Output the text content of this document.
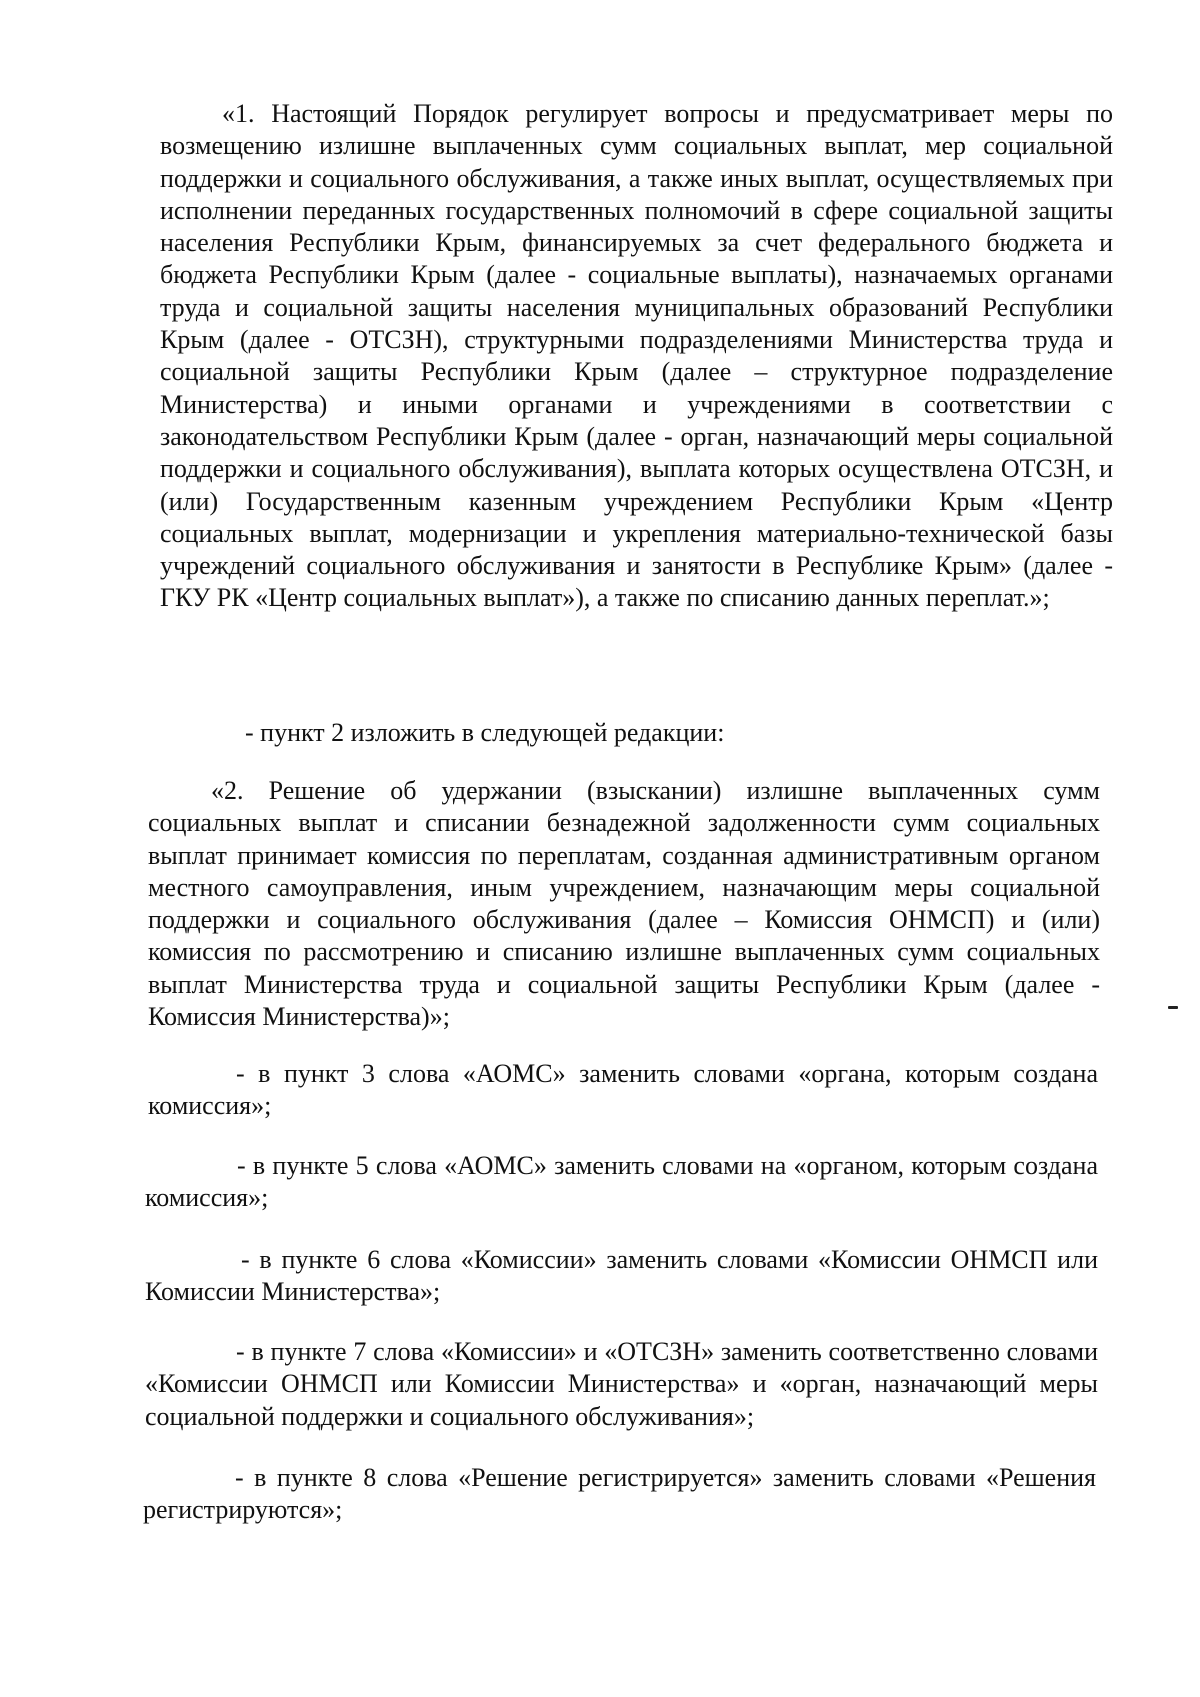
«1. Настоящий Порядок регулирует вопросы и предусматривает меры по возмещению излишне выплаченных сумм социальных выплат, мер социальной поддержки и социального обслуживания, а также иных выплат, осуществляемых при исполнении переданных государственных полномочий в сфере социальной защиты населения Республики Крым, финансируемых за счет федерального бюджета и бюджета Республики Крым (далее - социальные выплаты), назначаемых органами труда и социальной защиты населения муниципальных образований Республики Крым (далее - ОТСЗН), структурными подразделениями Министерства труда и социальной защиты Республики Крым (далее – структурное подразделение Министерства) и иными органами и учреждениями в соответствии с законодательством Республики Крым (далее - орган, назначающий меры социальной поддержки и социального обслуживания), выплата которых осуществлена ОТСЗН, и (или) Государственным казенным учреждением Республики Крым «Центр социальных выплат, модернизации и укрепления материально-технической базы учреждений социального обслуживания и занятости в Республике Крым» (далее - ГКУ РК «Центр социальных выплат»), а также по списанию данных переплат.»;

- пункт 2 изложить в следующей редакции:

«2. Решение об удержании (взыскании) излишне выплаченных сумм социальных выплат и списании безнадежной задолженности сумм социальных выплат принимает комиссия по переплатам, созданная административным органом местного самоуправления, иным учреждением, назначающим меры социальной поддержки и социального обслуживания (далее – Комиссия ОНМСП) и (или) комиссия по рассмотрению и списанию излишне выплаченных сумм социальных выплат Министерства труда и социальной защиты Республики Крым (далее - Комиссия Министерства)»;

- в пункт 3 слова «АОМС» заменить словами «органа, которым создана комиссия»;

- в пункте 5 слова «АОМС» заменить словами на «органом, которым создана комиссия»;

- в пункте 6 слова «Комиссии» заменить словами «Комиссии ОНМСП или Комиссии Министерства»;

- в пункте 7 слова «Комиссии» и «ОТСЗН» заменить соответственно словами «Комиссии ОНМСП или Комиссии Министерства» и «орган, назначающий меры социальной поддержки и социального обслуживания»;

- в пункте 8 слова «Решение регистрируется» заменить словами «Решения регистрируются»;
